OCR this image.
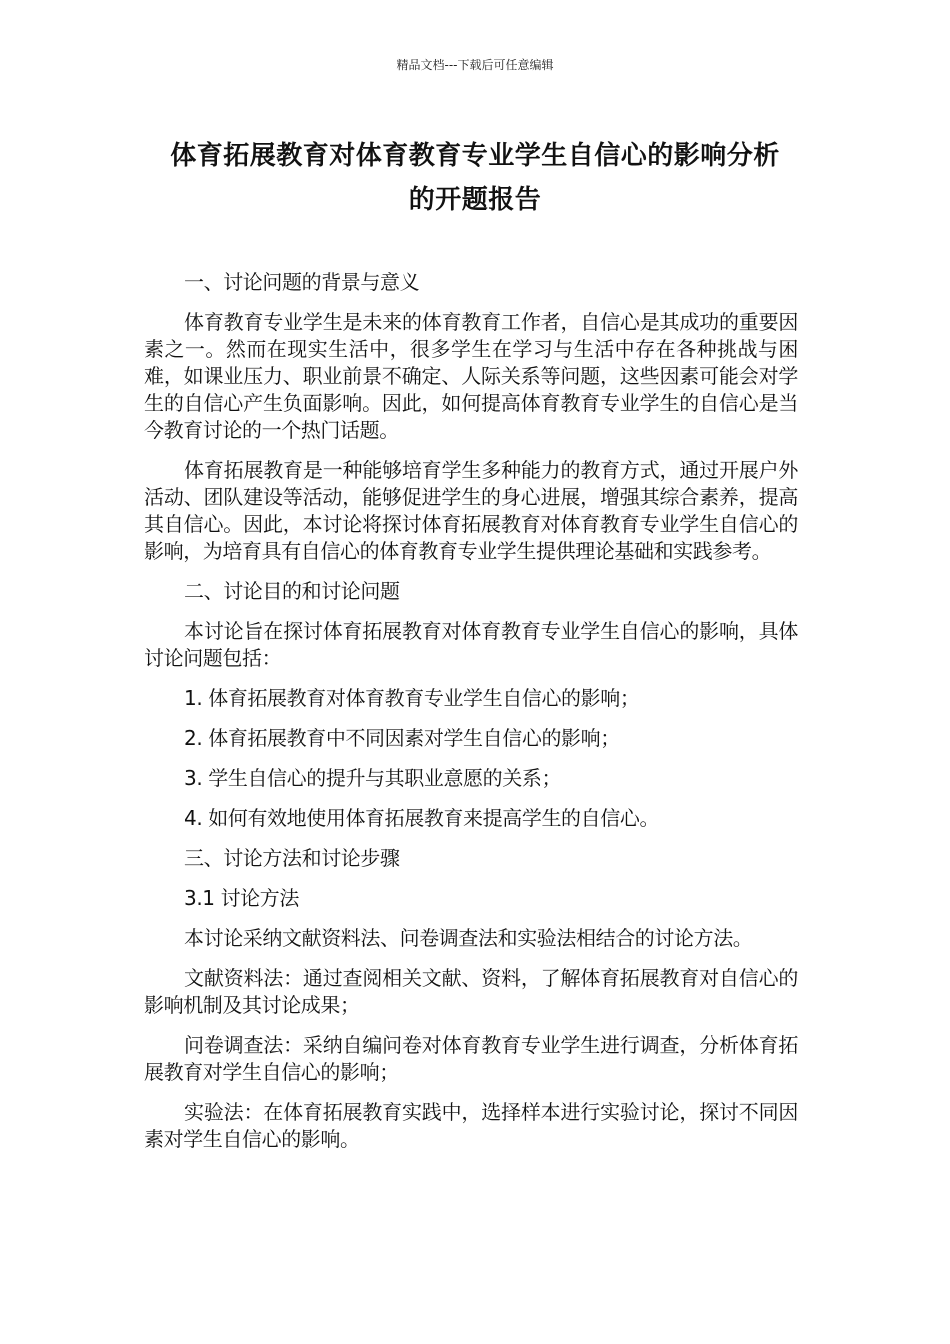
精品文档---下载后可任意编辑
体育拓展教育对体育教育专业学生自信心的影响分析
的开题报告

一、讨论问题的背景与意义

体育教育专业学生是未来的体育教育工作者，自信心是其成功的重要因素之一。然而在现实生活中，很多学生在学习与生活中存在各种挑战与困难，如课业压力、职业前景不确定、人际关系等问题，这些因素可能会对学生的自信心产生负面影响。因此，如何提高体育教育专业学生的自信心是当今教育讨论的一个热门话题。

体育拓展教育是一种能够培育学生多种能力的教育方式，通过开展户外活动、团队建设等活动，能够促进学生的身心进展，增强其综合素养，提高其自信心。因此，本讨论将探讨体育拓展教育对体育教育专业学生自信心的影响，为培育具有自信心的体育教育专业学生提供理论基础和实践参考。

二、讨论目的和讨论问题

本讨论旨在探讨体育拓展教育对体育教育专业学生自信心的影响，具体讨论问题包括：

1. 体育拓展教育对体育教育专业学生自信心的影响；

2. 体育拓展教育中不同因素对学生自信心的影响；

3. 学生自信心的提升与其职业意愿的关系；

4. 如何有效地使用体育拓展教育来提高学生的自信心。

三、讨论方法和讨论步骤

3.1 讨论方法

本讨论采纳文献资料法、问卷调查法和实验法相结合的讨论方法。

文献资料法：通过查阅相关文献、资料，了解体育拓展教育对自信心的影响机制及其讨论成果；

问卷调查法：采纳自编问卷对体育教育专业学生进行调查，分析体育拓展教育对学生自信心的影响；

实验法：在体育拓展教育实践中，选择样本进行实验讨论，探讨不同因素对学生自信心的影响。
